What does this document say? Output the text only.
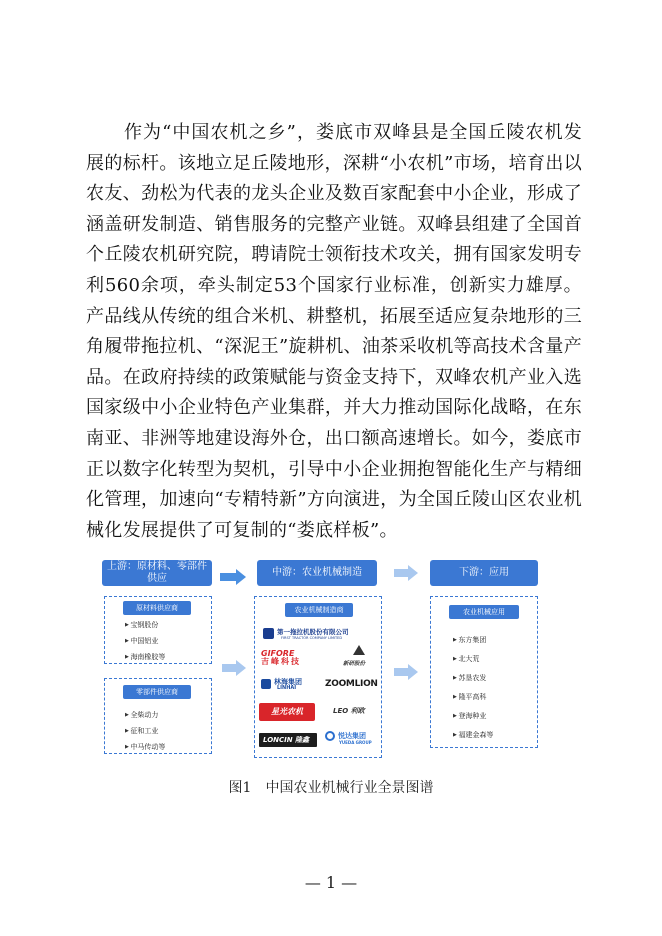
作为“中国农机之乡”，娄底市双峰县是全国丘陵农机发展的标杆。该地立足丘陵地形，深耕“小农机”市场，培育出以农友、劲松为代表的龙头企业及数百家配套中小企业，形成了涵盖研发制造、销售服务的完整产业链。双峰县组建了全国首个丘陵农机研究院，聘请院士领衔技术攻关，拥有国家发明专利560余项，牵头制定53个国家行业标准，创新实力雄厚。产品线从传统的组合米机、耕整机，拓展至适应复杂地形的三角履带拖拉机、“深泥王”旋耕机、油茶采收机等高技术含量产品。在政府持续的政策赋能与资金支持下，双峰农机产业入选国家级中小企业特色产业集群，并大力推动国际化战略，在东南亚、非洲等地建设海外仓，出口额高速增长。如今，娄底市正以数字化转型为契机，引导中小企业拥抱智能化生产与精细化管理，加速向“专精特新”方向演进，为全国丘陵山区农业机械化发展提供了可复制的“娄底样板”。

上游：原材料、零部件供应
中游：农业机械制造	下游：应用
原材料供应商
▶ 宝钢股份
▶ 中国铝业
▶ 海南橡胶等
零部件供应商
▶ 全柴动力
▶ 征和工业
▶ 中马传动等
农业机械制造商
第一拖拉机股份有限公司
FIRST TRACTOR COMPANY LIMITED
GIFORE
吉峰科技	新研股份
林海集团
LINHAI	ZOOMLION
星光农机	LEO 利欧
LONCIN 隆鑫	悦达集团
YUEDA GROUP
农业机械应用
▶ 东方集团
▶ 北大荒
▶ 苏垦农发
▶ 隆平高科
▶ 登海种业
▶ 福建金森等
图1　中国农业机械行业全景图谱
— 1 —
